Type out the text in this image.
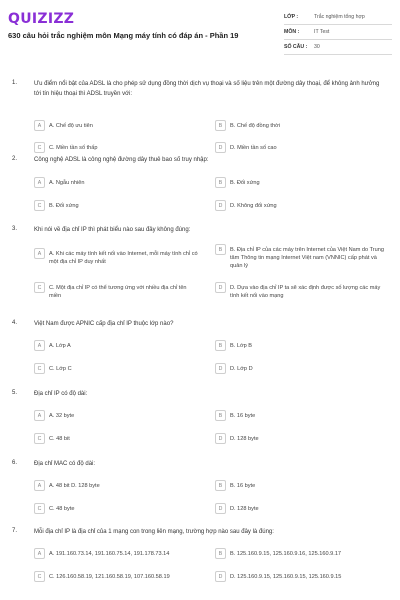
QUIZIZZ
630 câu hỏi trắc nghiệm môn Mạng máy tính có đáp án - Phần 19
LỚP :	Trắc nghiệm tổng hợp
MÔN :	IT Test
SỐ CÂU :	30
1.	Ưu điểm nổi bật của ADSL là cho phép sử dụng đồng thời dịch vụ thoại và số liệu trên một đường dây thoại, để không ảnh hưởng tới tín hiệu thoại thì ADSL truyền với:
A	A. Chế độ ưu tiên	B	B. Chế độ đồng thời
C	C. Miền tần số thấp	D	D. Miền tần số cao
2.	Công nghệ ADSL là công nghệ đường dây thuê bao số truy nhập:
A	A. Ngẫu nhiên	B	B. Đối xứng
C	B. Đối xứng	D	D. Không đối xứng
3.	Khi nói về địa chỉ IP thì phát biểu nào sau đây không đúng:
A	A. Khi các máy tính kết nối vào Internet, mỗi máy tính chỉ có một địa chỉ IP duy nhất
B	B. Địa chỉ IP của các máy trên Internet của Việt Nam do Trung tâm Thông tin mạng Internet Việt nam (VNNIC) cấp phát và quản lý
C	C. Một địa chỉ IP có thể tương ứng với nhiều địa chỉ tên miền
D	D. Dựa vào địa chỉ IP ta sẽ xác định được số lượng các máy tính kết nối vào mạng
4.	Việt Nam được APNIC cấp địa chỉ IP thuộc lớp nào?
A	A. Lớp A	B	B. Lớp B
C	C. Lớp C	D	D. Lớp D
5.	Địa chỉ IP có độ dài:
A	A. 32 byte	B	B. 16 byte
C	C. 48 bit	D	D. 128 byte
6.	Địa chỉ MAC có độ dài:
A	A. 48 bit D. 128 byte	B	B. 16 byte
C	C. 48 byte	D	D. 128 byte
7.	Mỗi địa chỉ IP là địa chỉ của 1 mạng con trong liên mạng, trường hợp nào sau đây là đúng:
A	A. 191.160.73.14, 191.160.75.14, 191.178.73.14	B	B. 125.160.9.15, 125.160.9.16, 125.160.9.17
C	C. 126.160.58.19, 121.160.58.19, 107.160.58.19	D	D. 125.160.9.15, 125.160.9.15, 125.160.9.15
